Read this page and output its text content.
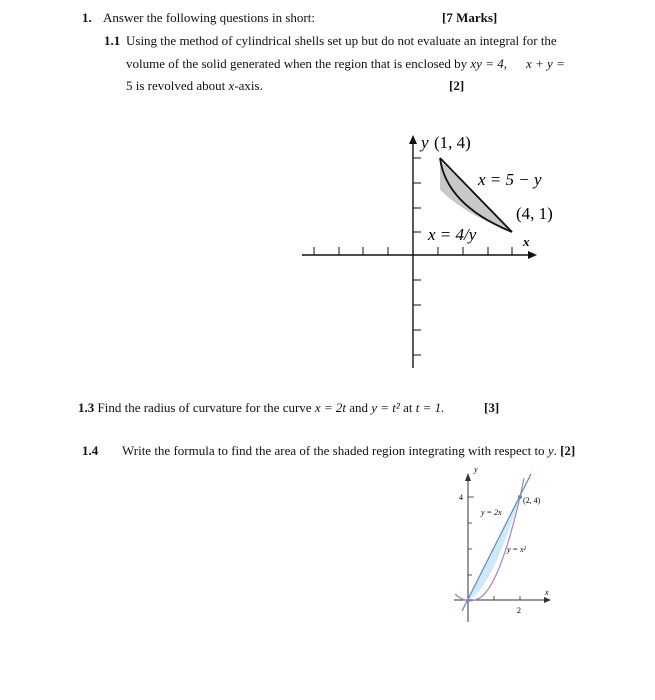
1. Answer the following questions in short:	[7 Marks]
1.1 Using the method of cylindrical shells set up but do not evaluate an integral for the
volume of the solid generated when the region that is enclosed by xy = 4, x + y =
5 is revolved about x-axis.	[2]
y (1, 4)
x = 5 − y
(4, 1)
x = 4/y	x
1.3 Find the radius of curvature for the curve x = 2t and y = t² at t = 1.	[3]
1.4 Write the formula to find the area of the shaded region integrating with respect to y. [2]
y
4	(2, 4)
y = 2x
y = x²
x
2
